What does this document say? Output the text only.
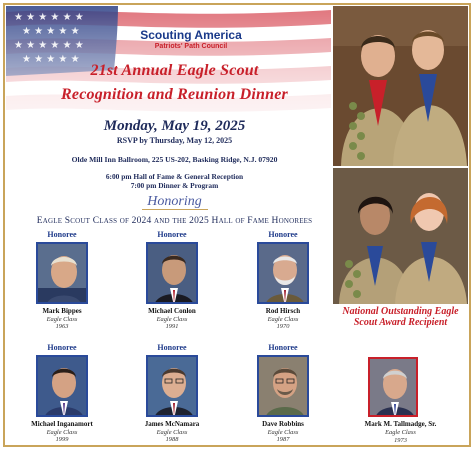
Scouting America
Patriots' Path Council
21st Annual Eagle Scout
Recognition and Reunion Dinner
Monday, May 19, 2025
RSVP by Thursday, May 12, 2025
Olde Mill Inn Ballroom, 225 US-202, Basking Ridge, N.J. 07920
6:00 pm Hall of Fame & General Reception
7:00 pm Dinner & Program
Honoring
Eagle Scout Class of 2024 and the 2025 Hall of Fame Honorees
Honoree
Mark Bippes
Eagle Class
1963
Honoree
Michael Conlon
Eagle Class
1991
Honoree
Rod Hirsch
Eagle Class
1970
Honoree
Michael Inganamort
Eagle Class
1999
Honoree
James McNamara
Eagle Class
1988
Honoree
Dave Robbins
Eagle Class
1987
National Outstanding Eagle Scout Award Recipient
Mark M. Tallmadge, Sr.
Eagle Class
1973
